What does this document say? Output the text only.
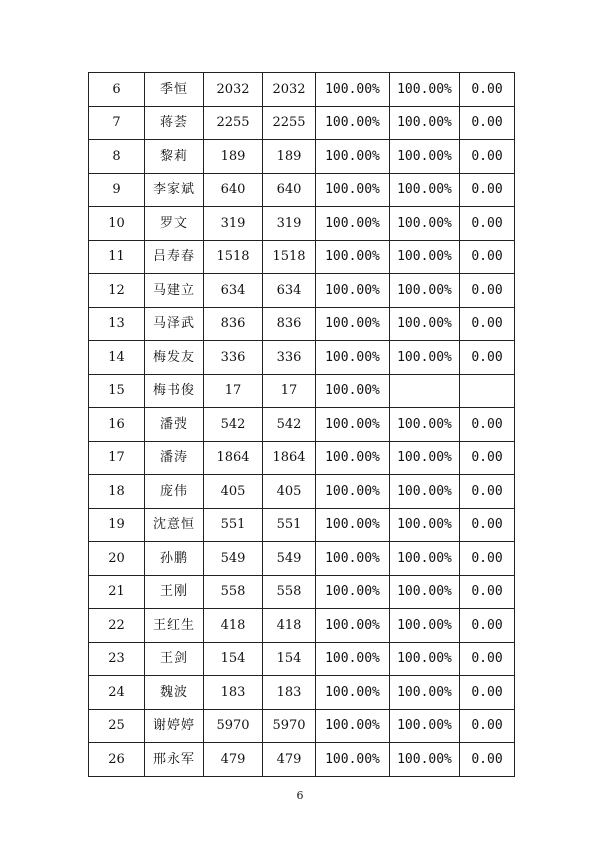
6	季恒	2032	2032	100.00%	100.00%	0.00
7	蒋荟	2255	2255	100.00%	100.00%	0.00
8	黎莉	189	189	100.00%	100.00%	0.00
9	李家斌	640	640	100.00%	100.00%	0.00
10	罗文	319	319	100.00%	100.00%	0.00
11	吕寿春	1518	1518	100.00%	100.00%	0.00
12	马建立	634	634	100.00%	100.00%	0.00
13	马泽武	836	836	100.00%	100.00%	0.00
14	梅发友	336	336	100.00%	100.00%	0.00
15	梅书俊	17	17	100.00%		
16	潘弢	542	542	100.00%	100.00%	0.00
17	潘涛	1864	1864	100.00%	100.00%	0.00
18	庞伟	405	405	100.00%	100.00%	0.00
19	沈意恒	551	551	100.00%	100.00%	0.00
20	孙鹏	549	549	100.00%	100.00%	0.00
21	王刚	558	558	100.00%	100.00%	0.00
22	王红生	418	418	100.00%	100.00%	0.00
23	王剑	154	154	100.00%	100.00%	0.00
24	魏波	183	183	100.00%	100.00%	0.00
25	谢婷婷	5970	5970	100.00%	100.00%	0.00
26	邢永军	479	479	100.00%	100.00%	0.00
6
